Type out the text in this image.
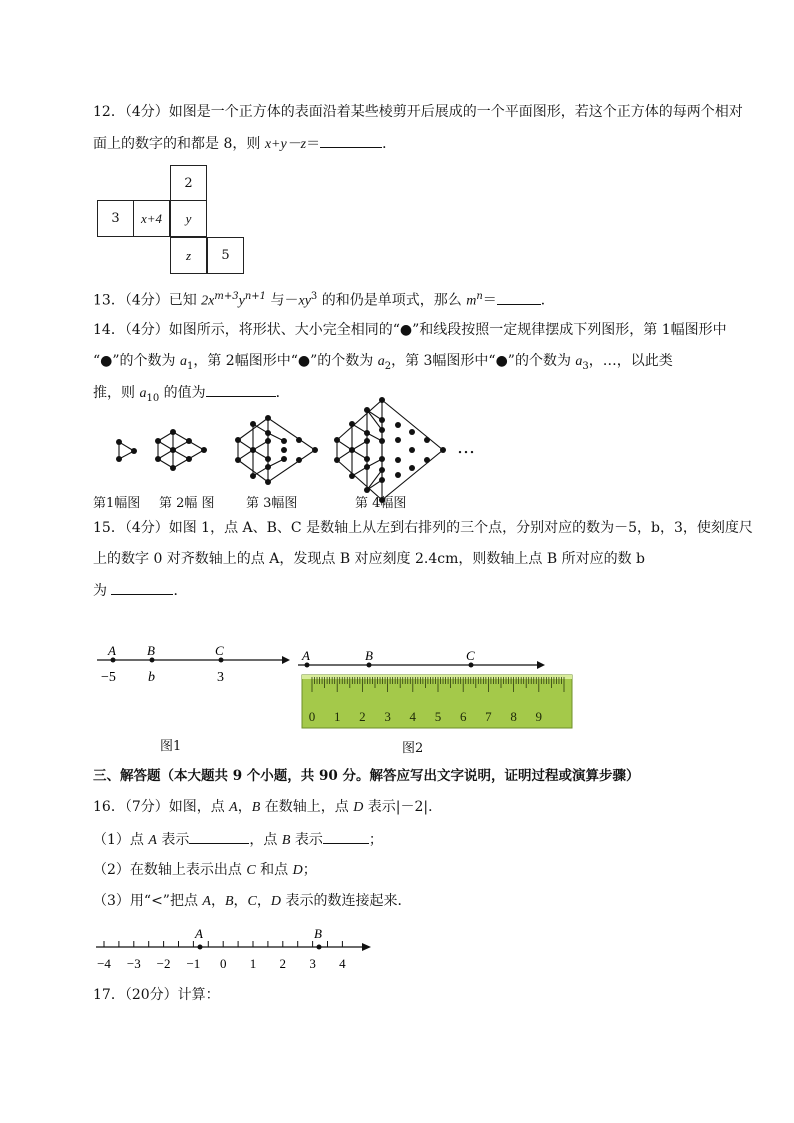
12．（4分）如图是一个正方体的表面沿着某些棱剪开后展成的一个平面图形，若这个正方体的每两个相对
面上的数字的和都是 8，则 x+y－z＝	．
2
3	x+4	y
z	5
13．（4分）已知 $2x^{m+3}y^{n+1}$ 与$-xy^3$ 的和仍是单项式，那么 $m^n=$	．
14．（4分）如图所示，将形状、大小完全相同的“●”和线段按照一定规律摆成下列图形，第 1幅图形中
“●”的个数为 $a_1$，第 2幅图形中“●”的个数为 $a_2$，第 3幅图形中“●”的个数为 $a_3$，…，以此类
推，则 $a_{10}$ 的值为	．
…
第1幅图 第 2幅 图 第 3幅图	第 4幅图
15．（4分）如图 1，点 A、B、C 是数轴上从左到右排列的三个点，分别对应的数为－5，b，3，使刻度尺
上的数字 0 对齐数轴上的点 A，发现点 B 对应刻度 2.4cm，则数轴上点 B 所对应的数 b
为	．
A B	C
−5 b	3
图1
A	B	C
0 1 2 3 4 5 6 7 8 9
图2
三、解答题（本大题共 9 个小题，共 90 分。解答应写出文字说明，证明过程或演算步骤）
16．（7分）如图，点 A，B 在数轴上，点 D 表示|－2|．
（1）点 A 表示	，点 B 表示	；
（2）在数轴上表示出点 C 和点 D；
（3）用“<”把点 A，B，C，D 表示的数连接起来．
−4 −3 −2 −1 0 1 2 3 4
A	B
17．（20分）计算：
